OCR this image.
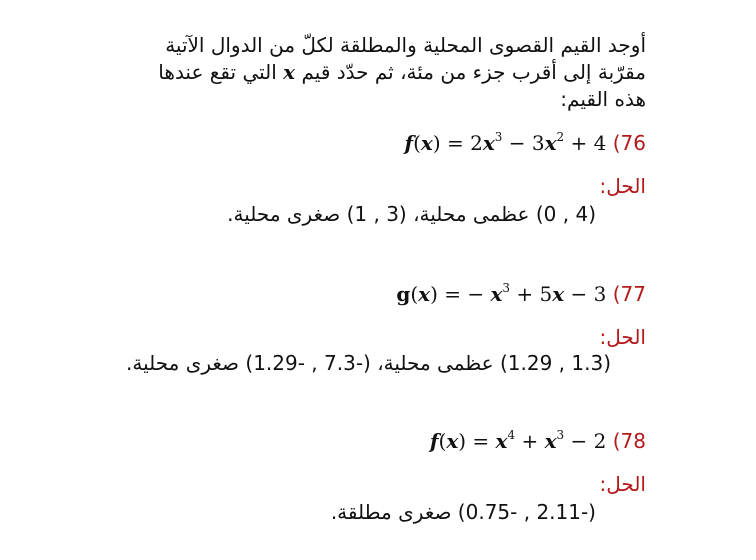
أوجد القيم القصوى المحلية والمطلقة لكلّ من الدوال الآتية
مقرّبة إلى أقرب جزء من مئة، ثم حدّد قيم x التي تقع عندها
هذه القيم:
$f(x) = 2x^3 - 3x^2 + 4$ (76
الحل:
(4 , 0) عظمى محلية، (3 , 1) صغرى محلية.
g(x) = − $x^3 + 5x - 3$ (77
الحل:
(1.3 , 1.29) عظمى محلية، (-7.3 , -1.29) صغرى محلية.
$f(x) = x^4 + x^3 - 2$ (78
الحل:
(-2.11 , -0.75) صغرى مطلقة.
